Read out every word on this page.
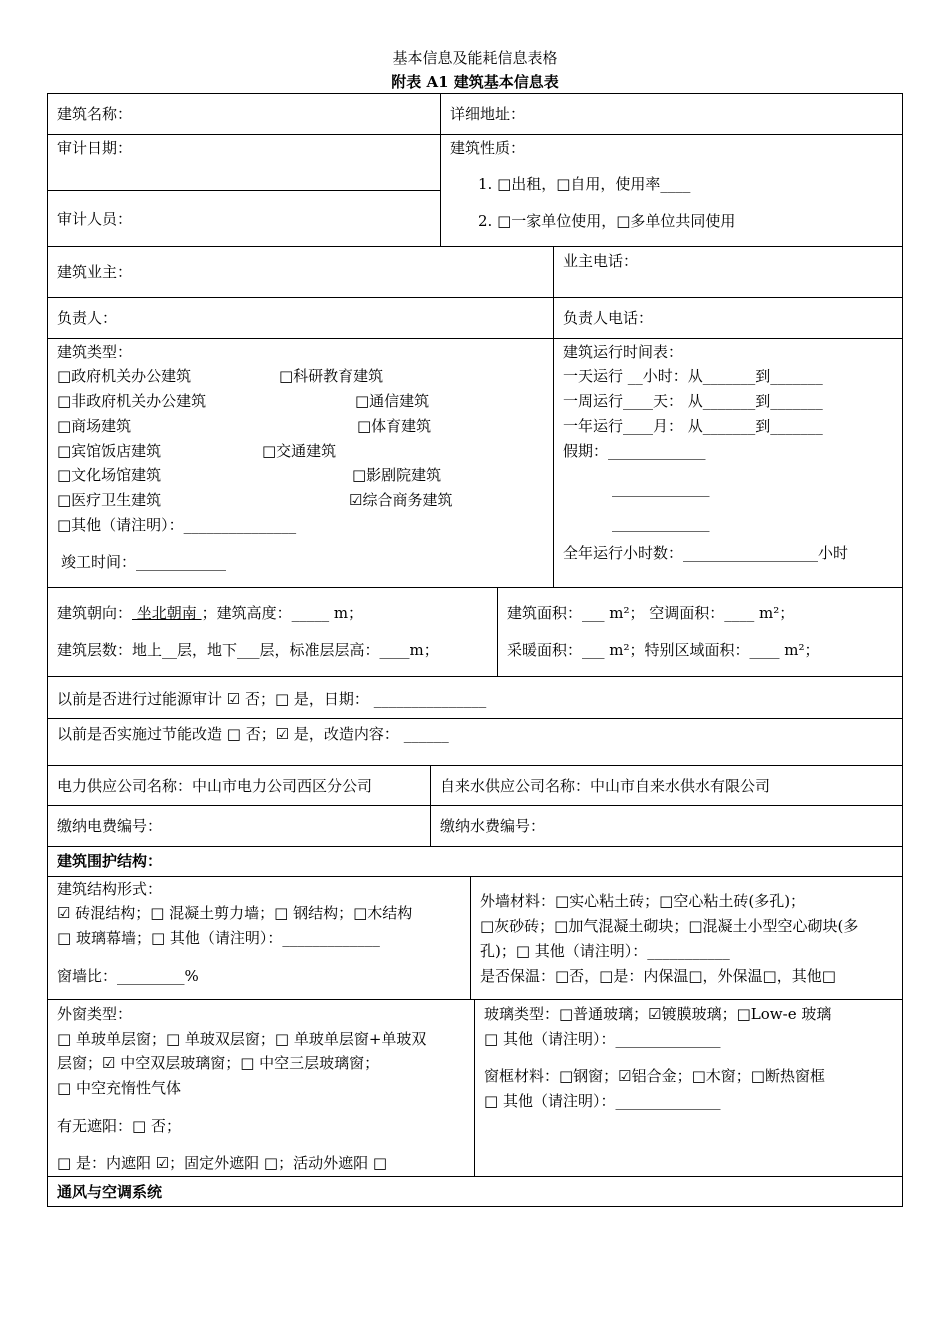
基本信息及能耗信息表格
附表 A1 建筑基本信息表
建筑名称：	详细地址：
审计日期：	建筑性质：
1. □出租，□自用，使用率____
2. □一家单位使用，□多单位共同使用
审计人员：
建筑业主：
业主电话：
负责人：	负责人电话：
建筑类型：
□政府机关办公建筑	□科研教育建筑
□非政府机关办公建筑	□通信建筑
□商场建筑	□体育建筑
□宾馆饭店建筑	□交通建筑
□文化场馆建筑	□影剧院建筑
□医疗卫生建筑	☑综合商务建筑
□其他（请注明）：_______________
竣工时间：____________
建筑运行时间表：
一天运行 __小时：从_______到_______
一周运行____天： 从_______到_______
一年运行____月： 从_______到_______
假期：_____________
_____________
_____________
全年运行小时数：__________________小时
建筑朝向： 坐北朝南 ；建筑高度：_____ m；
建筑层数：地上__层，地下___层，标准层层高：____m；
建筑面积：___ m²； 空调面积：____ m²；
采暖面积：___ m²；特别区域面积：____ m²；
以前是否进行过能源审计 ☑ 否；□ 是，日期： _______________
以前是否实施过节能改造 □ 否；☑ 是，改造内容： ______
电力供应公司名称：中山市电力公司西区分公司	自来水供应公司名称：中山市自来水供水有限公司
缴纳电费编号：	缴纳水费编号：
建筑围护结构：
建筑结构形式：
☑ 砖混结构；□ 混凝土剪力墙；□ 钢结构；□木结构
□ 玻璃幕墙；□ 其他（请注明）：_____________
窗墙比：_________%
外墙材料：□实心粘土砖；□空心粘土砖(多孔)；
□灰砂砖；□加气混凝土砌块；□混凝土小型空心砌块(多
孔)；□ 其他（请注明）：___________
是否保温：□否，□是：内保温□，外保温□，其他□
外窗类型：
□ 单玻单层窗；□ 单玻双层窗；□ 单玻单层窗+单玻双
层窗；☑ 中空双层玻璃窗；□ 中空三层玻璃窗；
□ 中空充惰性气体
有无遮阳：□ 否；
□ 是：内遮阳 ☑；固定外遮阳 □；活动外遮阳 □
玻璃类型：□普通玻璃；☑镀膜玻璃；□Low-e 玻璃
□ 其他（请注明）：______________
窗框材料：□钢窗；☑铝合金；□木窗；□断热窗框
□ 其他（请注明）：______________
通风与空调系统
